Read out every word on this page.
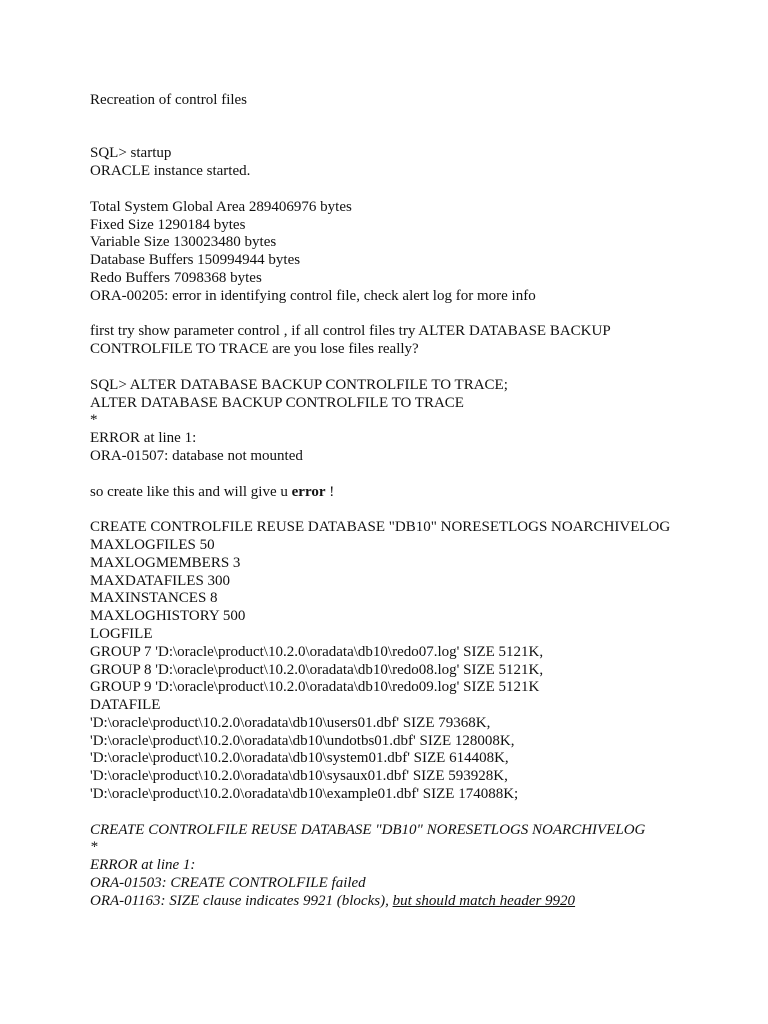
Recreation of control files

SQL> startup

ORACLE instance started.

Total System Global Area 289406976 bytes

Fixed Size 1290184 bytes

Variable Size 130023480 bytes

Database Buffers 150994944 bytes

Redo Buffers 7098368 bytes

ORA-00205: error in identifying control file, check alert log for more info

first try show parameter control , if all control files try ALTER DATABASE BACKUP

CONTROLFILE TO TRACE are you lose files really?

SQL> ALTER DATABASE BACKUP CONTROLFILE TO TRACE;

ALTER DATABASE BACKUP CONTROLFILE TO TRACE

*

ERROR at line 1:

ORA-01507: database not mounted

so create like this and will give u error !

CREATE CONTROLFILE REUSE DATABASE "DB10" NORESETLOGS NOARCHIVELOG

MAXLOGFILES 50

MAXLOGMEMBERS 3

MAXDATAFILES 300

MAXINSTANCES 8

MAXLOGHISTORY 500

LOGFILE

GROUP 7 'D:\oracle\product\10.2.0\oradata\db10\redo07.log' SIZE 5121K,

GROUP 8 'D:\oracle\product\10.2.0\oradata\db10\redo08.log' SIZE 5121K,

GROUP 9 'D:\oracle\product\10.2.0\oradata\db10\redo09.log' SIZE 5121K

DATAFILE

'D:\oracle\product\10.2.0\oradata\db10\users01.dbf' SIZE 79368K,

'D:\oracle\product\10.2.0\oradata\db10\undotbs01.dbf' SIZE 128008K,

'D:\oracle\product\10.2.0\oradata\db10\system01.dbf' SIZE 614408K,

'D:\oracle\product\10.2.0\oradata\db10\sysaux01.dbf' SIZE 593928K,

'D:\oracle\product\10.2.0\oradata\db10\example01.dbf' SIZE 174088K;

CREATE CONTROLFILE REUSE DATABASE "DB10" NORESETLOGS NOARCHIVELOG

*

ERROR at line 1:

ORA-01503: CREATE CONTROLFILE failed

ORA-01163: SIZE clause indicates 9921 (blocks), but should match header 9920
